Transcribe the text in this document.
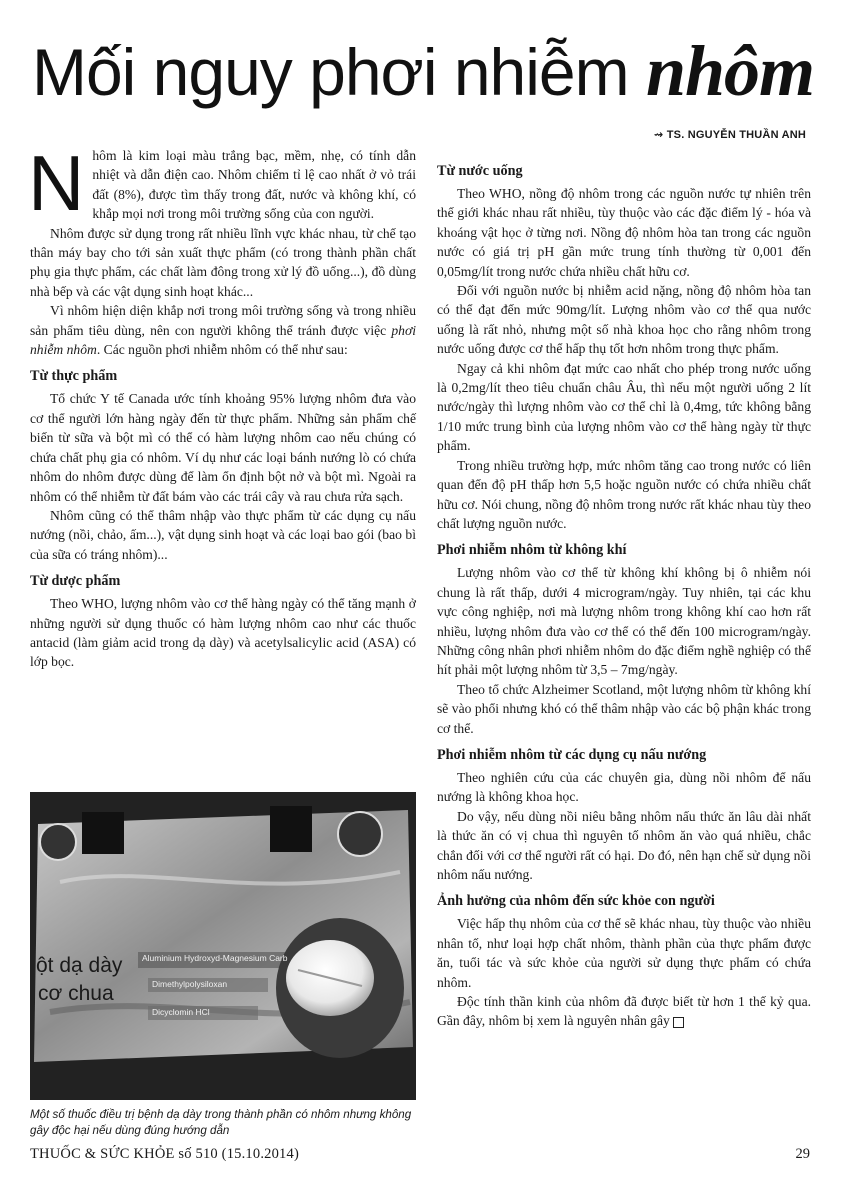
Mối nguy phơi nhiễm nhôm
⇝ TS. NGUYỄN THUẦN ANH

Nhôm là kim loại màu trắng bạc, mềm, nhẹ, có tính dẫn nhiệt và dẫn điện cao. Nhôm chiếm tỉ lệ cao nhất ở vỏ trái đất (8%), được tìm thấy trong đất, nước và không khí, có khắp mọi nơi trong môi trường sống của con người.

Nhôm được sử dụng trong rất nhiều lĩnh vực khác nhau, từ chế tạo thân máy bay cho tới sản xuất thực phẩm (có trong thành phần chất phụ gia thực phẩm, các chất làm đông trong xử lý đồ uống...), đồ dùng nhà bếp và các vật dụng sinh hoạt khác...

Vì nhôm hiện diện khắp nơi trong môi trường sống và trong nhiều sản phẩm tiêu dùng, nên con người không thể tránh được việc phơi nhiễm nhôm. Các nguồn phơi nhiễm nhôm có thể như sau:

Từ thực phẩm

Tổ chức Y tế Canada ước tính khoảng 95% lượng nhôm đưa vào cơ thể người lớn hàng ngày đến từ thực phẩm. Những sản phẩm chế biến từ sữa và bột mì có thể có hàm lượng nhôm cao nếu chúng có chứa chất phụ gia có nhôm. Ví dụ như các loại bánh nướng lò có chứa nhôm do nhôm được dùng để làm ổn định bột nở và bột mì. Ngoài ra nhôm có thể nhiễm từ đất bám vào các trái cây và rau chưa rửa sạch.

Nhôm cũng có thể thâm nhập vào thực phẩm từ các dụng cụ nấu nướng (nồi, chảo, ấm...), vật dụng sinh hoạt và các loại bao gói (bao bì của sữa có tráng nhôm)...

Từ dược phẩm

Theo WHO, lượng nhôm vào cơ thể hàng ngày có thể tăng mạnh ở những người sử dụng thuốc có hàm lượng nhôm cao như các thuốc antacid (làm giảm acid trong dạ dày) và acetylsalicylic acid (ASA) có lớp bọc.

ột dạ dày
cơ chua
Aluminium Hydroxyd-Magnesium Carb
Dimethylpolysiloxan
Dicyclomin HCl
Một số thuốc điều trị bệnh dạ dày trong thành phần có nhôm nhưng không gây độc hại nếu dùng đúng hướng dẫn
Từ nước uống

Theo WHO, nồng độ nhôm trong các nguồn nước tự nhiên trên thế giới khác nhau rất nhiều, tùy thuộc vào các đặc điểm lý - hóa và khoáng vật học ở từng nơi. Nồng độ nhôm hòa tan trong các nguồn nước có giá trị pH gần mức trung tính thường từ 0,001 đến 0,05mg/lít trong nước chứa nhiều chất hữu cơ.

Đối với nguồn nước bị nhiễm acid nặng, nồng độ nhôm hòa tan có thể đạt đến mức 90mg/lít. Lượng nhôm vào cơ thể qua nước uống là rất nhỏ, nhưng một số nhà khoa học cho rằng nhôm trong nước uống được cơ thể hấp thụ tốt hơn nhôm trong thực phẩm.

Ngay cả khi nhôm đạt mức cao nhất cho phép trong nước uống là 0,2mg/lít theo tiêu chuẩn châu Âu, thì nếu một người uống 2 lít nước/ngày thì lượng nhôm vào cơ thể chỉ là 0,4mg, tức không bằng 1/10 mức trung bình của lượng nhôm vào cơ thể hàng ngày từ thực phẩm.

Trong nhiều trường hợp, mức nhôm tăng cao trong nước có liên quan đến độ pH thấp hơn 5,5 hoặc nguồn nước có chứa nhiều chất hữu cơ. Nói chung, nồng độ nhôm trong nước rất khác nhau tùy theo chất lượng nguồn nước.

Phơi nhiễm nhôm từ không khí

Lượng nhôm vào cơ thể từ không khí không bị ô nhiễm nói chung là rất thấp, dưới 4 microgram/ngày. Tuy nhiên, tại các khu vực công nghiệp, nơi mà lượng nhôm trong không khí cao hơn rất nhiều, lượng nhôm đưa vào cơ thể có thể đến 100 microgram/ngày. Những công nhân phơi nhiễm nhôm do đặc điểm nghề nghiệp có thể hít phải một lượng nhôm từ 3,5 – 7mg/ngày.

Theo tổ chức Alzheimer Scotland, một lượng nhôm từ không khí sẽ vào phổi nhưng khó có thể thâm nhập vào các bộ phận khác trong cơ thể.

Phơi nhiễm nhôm từ các dụng cụ nấu nướng

Theo nghiên cứu của các chuyên gia, dùng nồi nhôm để nấu nướng là không khoa học.

Do vậy, nếu dùng nồi niêu bằng nhôm nấu thức ăn lâu dài nhất là thức ăn có vị chua thì nguyên tố nhôm ăn vào quá nhiều, chắc chắn đối với cơ thể người rất có hại. Do đó, nên hạn chế sử dụng nồi nhôm nấu nướng.

Ảnh hưởng của nhôm đến sức khỏe con người

Việc hấp thụ nhôm của cơ thể sẽ khác nhau, tùy thuộc vào nhiều nhân tố, như loại hợp chất nhôm, thành phần của thực phẩm được ăn, tuổi tác và sức khỏe của người sử dụng thực phẩm có chứa nhôm.

Độc tính thần kinh của nhôm đã được biết từ hơn 1 thế kỷ qua. Gần đây, nhôm bị xem là nguyên nhân gây

THUỐC & SỨC KHỎE số 510 (15.10.2014)	29
